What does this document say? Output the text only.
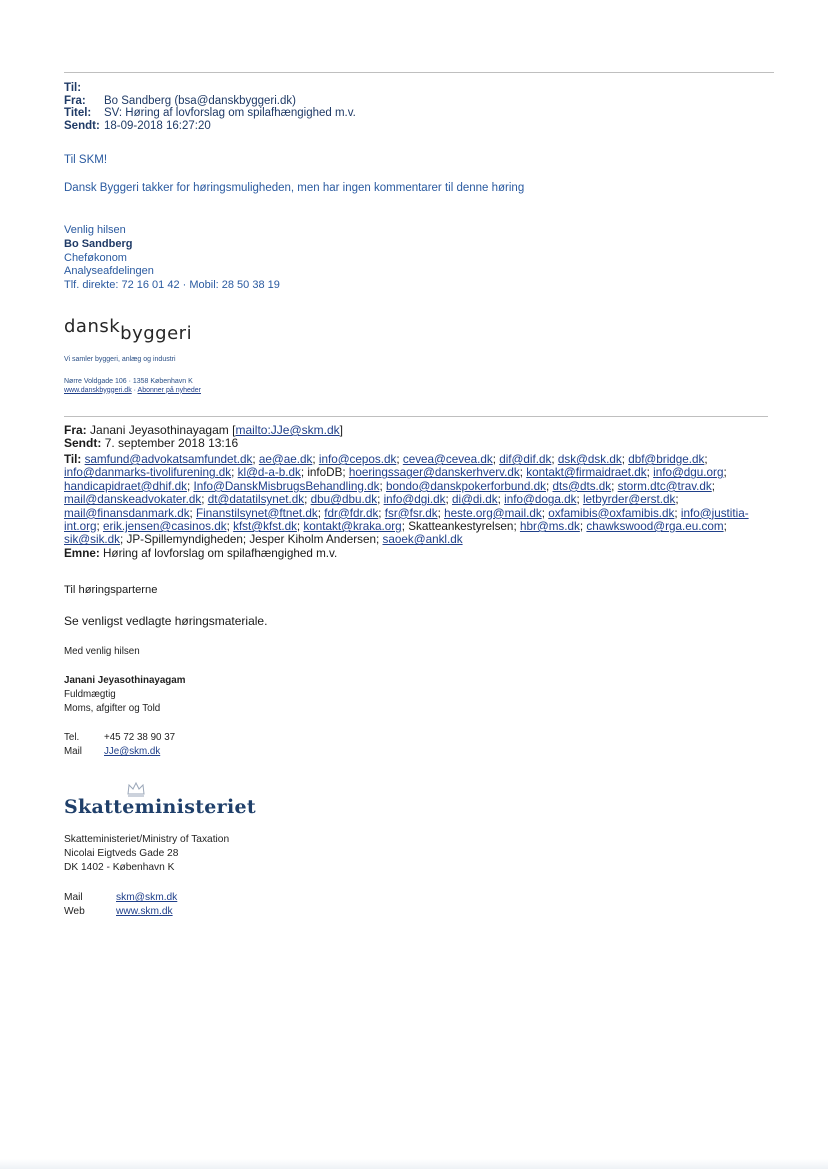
Til:
Fra: Bo Sandberg (bsa@danskbyggeri.dk)
Titel: SV: Høring af lovforslag om spilafhængighed m.v.
Sendt: 18-09-2018 16:27:20
Til SKM!
Dansk Byggeri takker for høringsmuligheden, men har ingen kommentarer til denne høring
Venlig hilsen
Bo Sandberg
Cheføkonom
Analyseafdelingen
Tlf. direkte: 72 16 01 42 · Mobil: 28 50 38 19
danskbyggeri
Vi samler byggeri, anlæg og industri
Nørre Voldgade 106 · 1358 København K
www.danskbyggeri.dk · Abonner på nyheder
Fra: Janani Jeyasothinayagam [mailto:JJe@skm.dk]
Sendt: 7. september 2018 13:16
Til: samfund@advokatsamfundet.dk; ae@ae.dk; info@cepos.dk; cevea@cevea.dk; dif@dif.dk; dsk@dsk.dk; dbf@bridge.dk; info@danmarks-tivolifurening.dk; kl@d-a-b.dk; infoDB; hoeringssager@danskerhverv.dk; kontakt@firmaidraet.dk; info@dgu.org; handicapidraet@dhif.dk; Info@DanskMisbrugsBehandling.dk; bondo@danskpokerforbund.dk; dts@dts.dk; storm.dtc@trav.dk; mail@danskeadvokater.dk; dt@datatilsynet.dk; dbu@dbu.dk; info@dgi.dk; di@di.dk; info@doga.dk; letbyrder@erst.dk; mail@finansdanmark.dk; Finanstilsynet@ftnet.dk; fdr@fdr.dk; fsr@fsr.dk; heste.org@mail.dk; oxfamibis@oxfamibis.dk; info@justitia-int.org; erik.jensen@casinos.dk; kfst@kfst.dk; kontakt@kraka.org; Skatteankestyrelsen; hbr@ms.dk; chawkswood@rga.eu.com; sik@sik.dk; JP-Spillemyndigheden; Jesper Kiholm Andersen; saoek@ankl.dk
Emne: Høring af lovforslag om spilafhængighed m.v.
Til høringsparterne
Se venligst vedlagte høringsmateriale.
Med venlig hilsen
Janani Jeyasothinayagam
Fuldmægtig
Moms, afgifter og Told
Tel.	+45 72 38 90 37
Mail JJe@skm.dk
Skatteministeriet
Skatteministeriet/Ministry of Taxation
Nicolai Eigtveds Gade 28
DK 1402 - København K
Mail	skm@skm.dk
Web	www.skm.dk
